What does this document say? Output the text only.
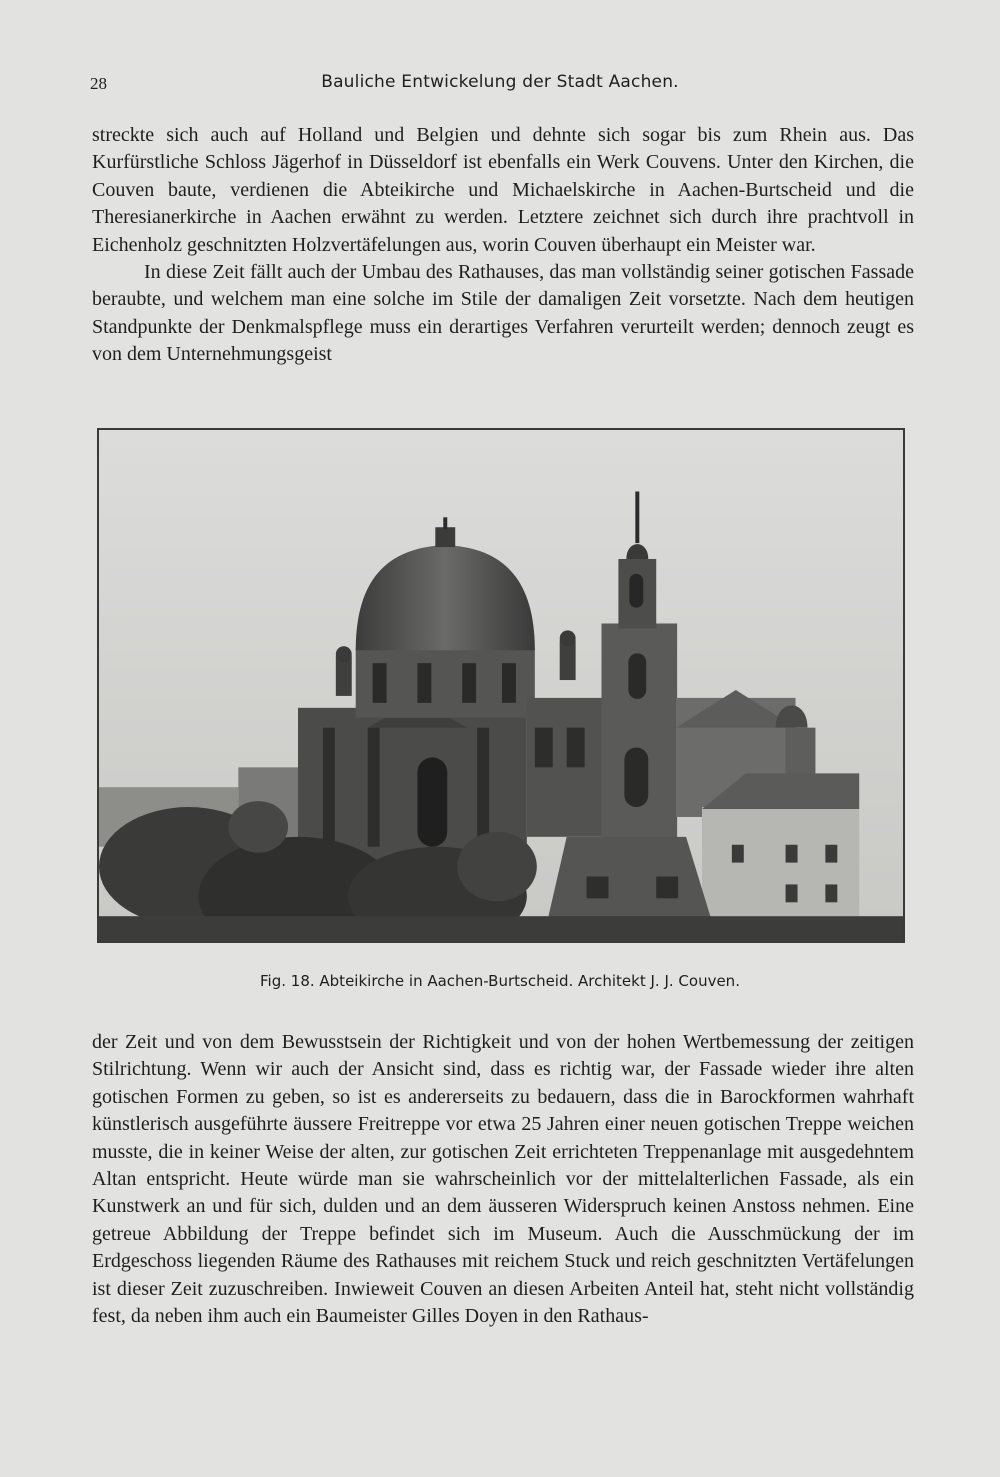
28	Bauliche Entwickelung der Stadt Aachen.

streckte sich auch auf Holland und Belgien und dehnte sich sogar bis zum Rhein aus. Das Kurfürstliche Schloss Jägerhof in Düsseldorf ist ebenfalls ein Werk Couvens. Unter den Kirchen, die Couven baute, verdienen die Abteikirche und Michaelskirche in Aachen-Burtscheid und die Theresianerkirche in Aachen erwähnt zu werden. Letztere zeichnet sich durch ihre prachtvoll in Eichenholz geschnitzten Holzvertäfelungen aus, worin Couven überhaupt ein Meister war.

In diese Zeit fällt auch der Umbau des Rathauses, das man vollständig seiner gotischen Fassade beraubte, und welchem man eine solche im Stile der damaligen Zeit vorsetzte. Nach dem heutigen Standpunkte der Denkmalspflege muss ein derartiges Verfahren verurteilt werden; dennoch zeugt es von dem Unternehmungsgeist

Fig. 18. Abteikirche in Aachen-Burtscheid. Architekt J. J. Couven.

der Zeit und von dem Bewusstsein der Richtigkeit und von der hohen Wertbemessung der zeitigen Stilrichtung. Wenn wir auch der Ansicht sind, dass es richtig war, der Fassade wieder ihre alten gotischen Formen zu geben, so ist es andererseits zu bedauern, dass die in Barockformen wahrhaft künstlerisch ausgeführte äussere Freitreppe vor etwa 25 Jahren einer neuen gotischen Treppe weichen musste, die in keiner Weise der alten, zur gotischen Zeit errichteten Treppenanlage mit ausgedehntem Altan entspricht. Heute würde man sie wahrscheinlich vor der mittelalterlichen Fassade, als ein Kunstwerk an und für sich, dulden und an dem äusseren Widerspruch keinen Anstoss nehmen. Eine getreue Abbildung der Treppe befindet sich im Museum. Auch die Ausschmückung der im Erdgeschoss liegenden Räume des Rathauses mit reichem Stuck und reich geschnitzten Vertäfelungen ist dieser Zeit zuzuschreiben. Inwieweit Couven an diesen Arbeiten Anteil hat, steht nicht vollständig fest, da neben ihm auch ein Baumeister Gilles Doyen in den Rathaus-
